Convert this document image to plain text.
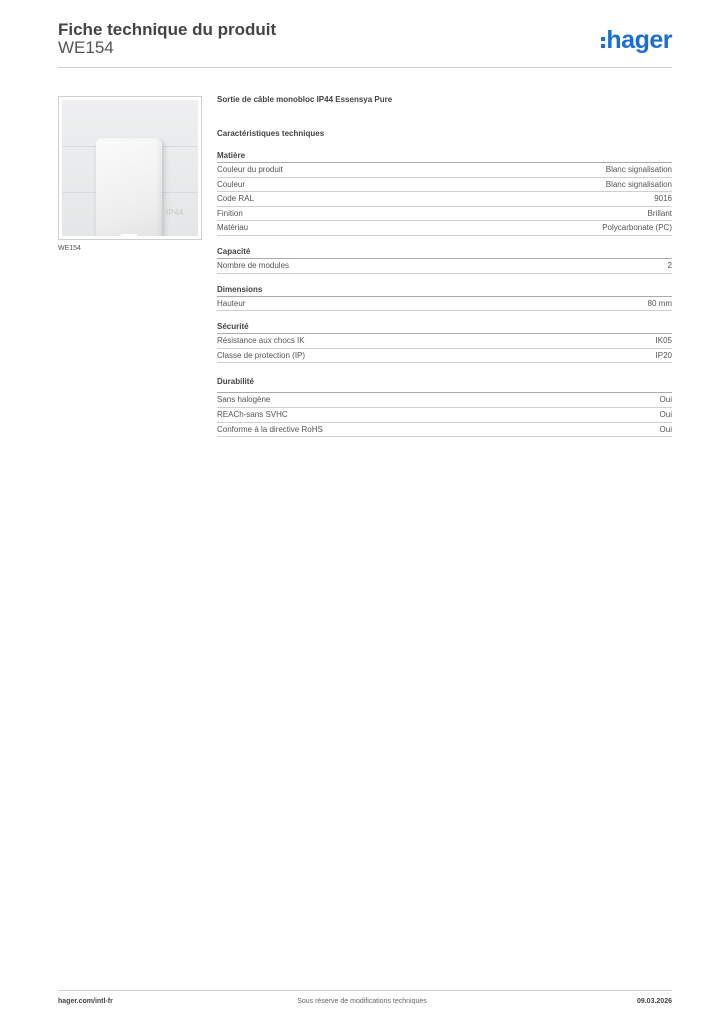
Fiche technique du produit
WE154	hager
IP44
WE154
Sortie de câble monobloc IP44 Essensya Pure
Caractéristiques techniques
Matière
Couleur du produit	Blanc signalisation
Couleur	Blanc signalisation
Code RAL	9016
Finition	Brillant
Matériau	Polycarbonate (PC)
Capacité
Nombre de modules	2
Dimensions
Hauteur	80 mm
Sécurité
Résistance aux chocs IK	IK05
Classe de protection (IP)	IP20
Durabilité
Sans halogène	Oui
REACh-sans SVHC	Oui
Conforme à la directive RoHS	Oui
hager.com/intl-fr	Sous réserve de modifications techniques	09.03.2026
